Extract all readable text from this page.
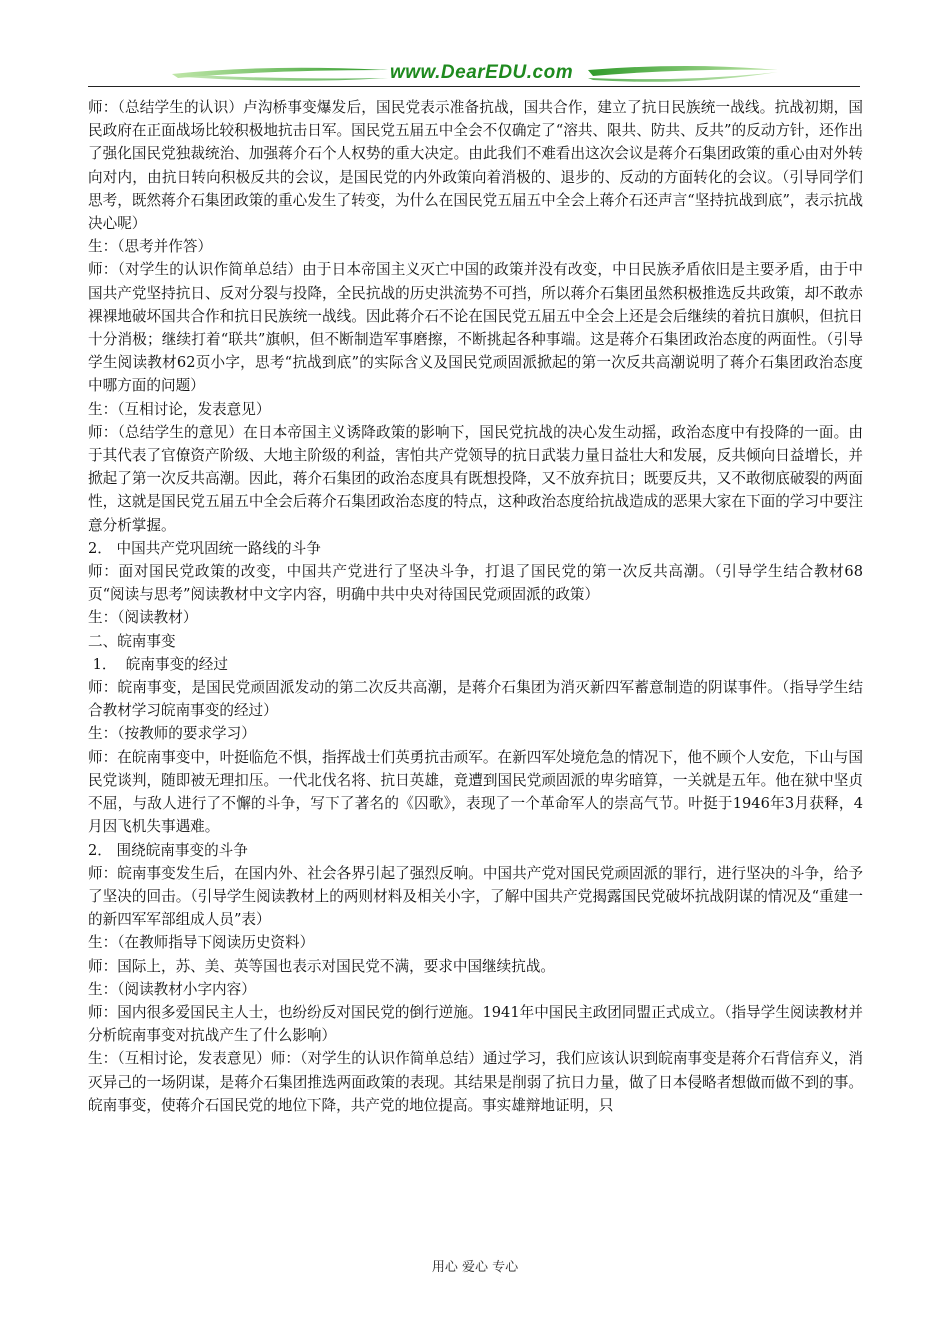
www.DearEDU.com

师：（总结学生的认识）卢沟桥事变爆发后，国民党表示准备抗战，国共合作，建立了抗日民族统一战线。抗战初期，国民政府在正面战场比较积极地抗击日军。国民党五届五中全会不仅确定了“溶共、限共、防共、反共”的反动方针，还作出了强化国民党独裁统治、加强蒋介石个人权势的重大决定。由此我们不难看出这次会议是蒋介石集团政策的重心由对外转向对内，由抗日转向积极反共的会议，是国民党的内外政策向着消极的、退步的、反动的方面转化的会议。（引导同学们思考，既然蒋介石集团政策的重心发生了转变，为什么在国民党五届五中全会上蒋介石还声言“坚持抗战到底”，表示抗战决心呢）

生：（思考并作答）

师：（对学生的认识作简单总结）由于日本帝国主义灭亡中国的政策并没有改变，中日民族矛盾依旧是主要矛盾，由于中国共产党坚持抗日、反对分裂与投降，全民抗战的历史洪流势不可挡，所以蒋介石集团虽然积极推选反共政策，却不敢赤裸裸地破坏国共合作和抗日民族统一战线。因此蒋介石不论在国民党五届五中全会上还是会后继续的着抗日旗帜，但抗日十分消极；继续打着“联共”旗帜，但不断制造军事磨擦，不断挑起各种事端。这是蒋介石集团政治态度的两面性。（引导学生阅读教材62页小字，思考“抗战到底”的实际含义及国民党顽固派掀起的第一次反共高潮说明了蒋介石集团政治态度中哪方面的问题）

生：（互相讨论，发表意见）

师：（总结学生的意见）在日本帝国主义诱降政策的影响下，国民党抗战的决心发生动摇，政治态度中有投降的一面。由于其代表了官僚资产阶级、大地主阶级的利益，害怕共产党领导的抗日武装力量日益壮大和发展，反共倾向日益增长，并掀起了第一次反共高潮。因此，蒋介石集团的政治态度具有既想投降，又不放弃抗日；既要反共，又不敢彻底破裂的两面性，这就是国民党五届五中全会后蒋介石集团政治态度的特点，这种政治态度给抗战造成的恶果大家在下面的学习中要注意分析掌握。

2． 中国共产党巩固统一路线的斗争

师：面对国民党政策的改变，中国共产党进行了坚决斗争，打退了国民党的第一次反共高潮。（引导学生结合教材68页“阅读与思考”阅读教材中文字内容，明确中共中央对待国民党顽固派的政策）

生：（阅读教材）

二、皖南事变

1．  皖南事变的经过

师：皖南事变，是国民党顽固派发动的第二次反共高潮，是蒋介石集团为消灭新四军蓄意制造的阴谋事件。（指导学生结合教材学习皖南事变的经过）

生：（按教师的要求学习）

师：在皖南事变中，叶挺临危不惧，指挥战士们英勇抗击顽军。在新四军处境危急的情况下，他不顾个人安危，下山与国民党谈判，随即被无理扣压。一代北伐名将、抗日英雄，竟遭到国民党顽固派的卑劣暗算，一关就是五年。他在狱中坚贞不屈，与敌人进行了不懈的斗争，写下了著名的《囚歌》，表现了一个革命军人的崇高气节。叶挺于1946年3月获释，4月因飞机失事遇难。

2． 围绕皖南事变的斗争

师：皖南事变发生后，在国内外、社会各界引起了强烈反响。中国共产党对国民党顽固派的罪行，进行坚决的斗争，给予了坚决的回击。（引导学生阅读教材上的两则材料及相关小字，了解中国共产党揭露国民党破坏抗战阴谋的情况及“重建一的新四军军部组成人员”表）

生：（在教师指导下阅读历史资料）

师：国际上，苏、美、英等国也表示对国民党不满，要求中国继续抗战。

生：（阅读教材小字内容）

师：国内很多爱国民主人士，也纷纷反对国民党的倒行逆施。1941年中国民主政团同盟正式成立。（指导学生阅读教材并分析皖南事变对抗战产生了什么影响）

生：（互相讨论，发表意见）师：（对学生的认识作简单总结）通过学习，我们应该认识到皖南事变是蒋介石背信弃义，消灭异己的一场阴谋，是蒋介石集团推选两面政策的表现。其结果是削弱了抗日力量，做了日本侵略者想做而做不到的事。皖南事变，使蒋介石国民党的地位下降，共产党的地位提高。事实雄辩地证明，只

用心 爱心 专心
